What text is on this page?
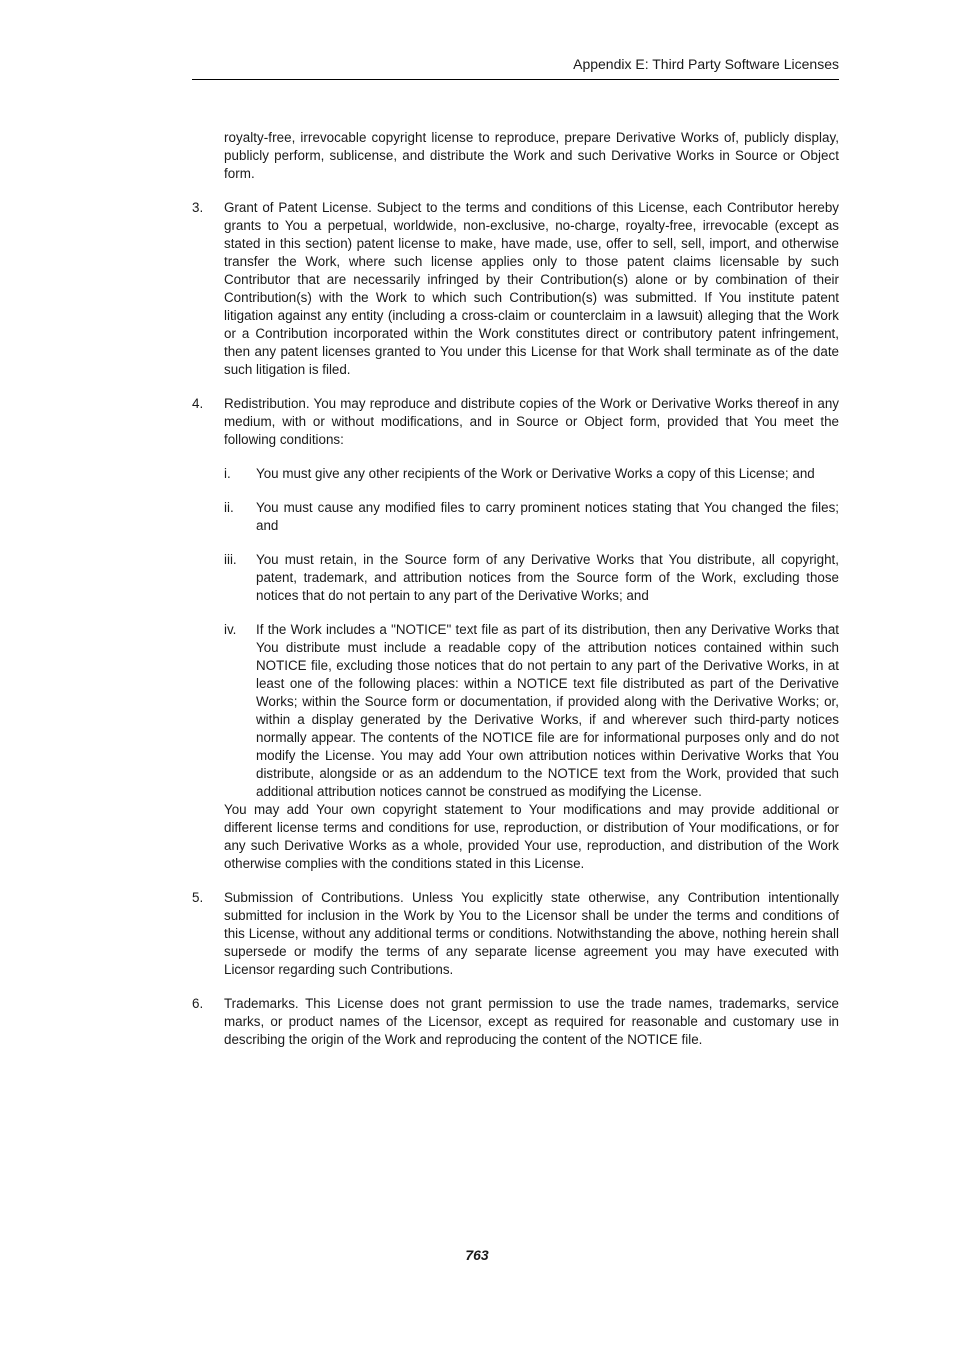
Appendix E: Third Party Software Licenses

royalty-free, irrevocable copyright license to reproduce, prepare Derivative Works of, publicly display, publicly perform, sublicense, and distribute the Work and such Derivative Works in Source or Object form.

3.	Grant of Patent License. Subject to the terms and conditions of this License, each Contributor hereby grants to You a perpetual, worldwide, non-exclusive, no-charge, royalty-free, irrevocable (except as stated in this section) patent license to make, have made, use, offer to sell, sell, import, and otherwise transfer the Work, where such license applies only to those patent claims licensable by such Contributor that are necessarily infringed by their Contribution(s) alone or by combination of their Contribution(s) with the Work to which such Contribution(s) was submitted. If You institute patent litigation against any entity (including a cross-claim or counterclaim in a lawsuit) alleging that the Work or a Contribution incorporated within the Work constitutes direct or contributory patent infringement, then any patent licenses granted to You under this License for that Work shall terminate as of the date such litigation is filed.

4.	Redistribution. You may reproduce and distribute copies of the Work or Derivative Works thereof in any medium, with or without modifications, and in Source or Object form, provided that You meet the following conditions:

i.	You must give any other recipients of the Work or Derivative Works a copy of this License; and
ii.	You must cause any modified files to carry prominent notices stating that You changed the files; and
iii.	You must retain, in the Source form of any Derivative Works that You distribute, all copyright, patent, trademark, and attribution notices from the Source form of the Work, excluding those notices that do not pertain to any part of the Derivative Works; and
iv.	If the Work includes a "NOTICE" text file as part of its distribution, then any Derivative Works that You distribute must include a readable copy of the attribution notices contained within such NOTICE file, excluding those notices that do not pertain to any part of the Derivative Works, in at least one of the following places: within a NOTICE text file distributed as part of the Derivative Works; within the Source form or documentation, if provided along with the Derivative Works; or, within a display generated by the Derivative Works, if and wherever such third-party notices normally appear. The contents of the NOTICE file are for informational purposes only and do not modify the License. You may add Your own attribution notices within Derivative Works that You distribute, alongside or as an addendum to the NOTICE text from the Work, provided that such additional attribution notices cannot be construed as modifying the License.

You may add Your own copyright statement to Your modifications and may provide additional or different license terms and conditions for use, reproduction, or distribution of Your modifications, or for any such Derivative Works as a whole, provided Your use, reproduction, and distribution of the Work otherwise complies with the conditions stated in this License.

5.	Submission of Contributions. Unless You explicitly state otherwise, any Contribution intentionally submitted for inclusion in the Work by You to the Licensor shall be under the terms and conditions of this License, without any additional terms or conditions. Notwithstanding the above, nothing herein shall supersede or modify the terms of any separate license agreement you may have executed with Licensor regarding such Contributions.

6.	Trademarks. This License does not grant permission to use the trade names, trademarks, service marks, or product names of the Licensor, except as required for reasonable and customary use in describing the origin of the Work and reproducing the content of the NOTICE file.

763
